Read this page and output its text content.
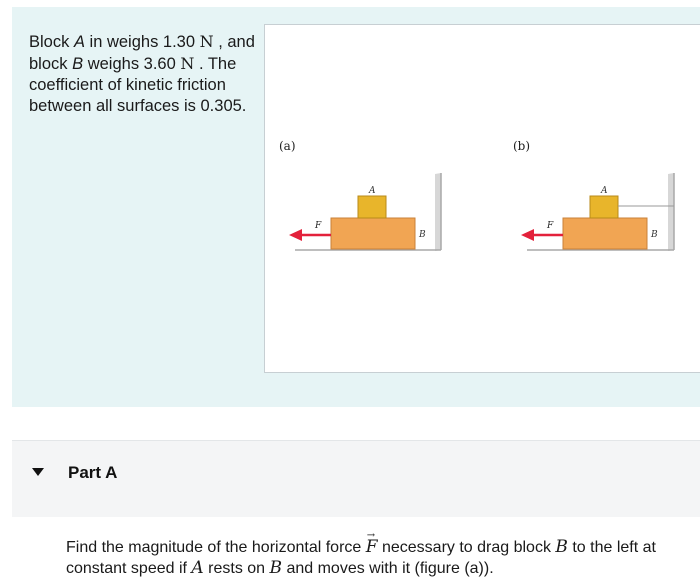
Block A in weighs 1.30 N , and block B weighs 3.60 N . The coefficient of kinetic friction between all surfaces is 0.305.
(a)
A
B
F
(b)
A
B
F
Part A
Find the magnitude of the horizontal force → F necessary to drag block B to the left at constant speed if A rests on B and moves with it (figure (a)).
